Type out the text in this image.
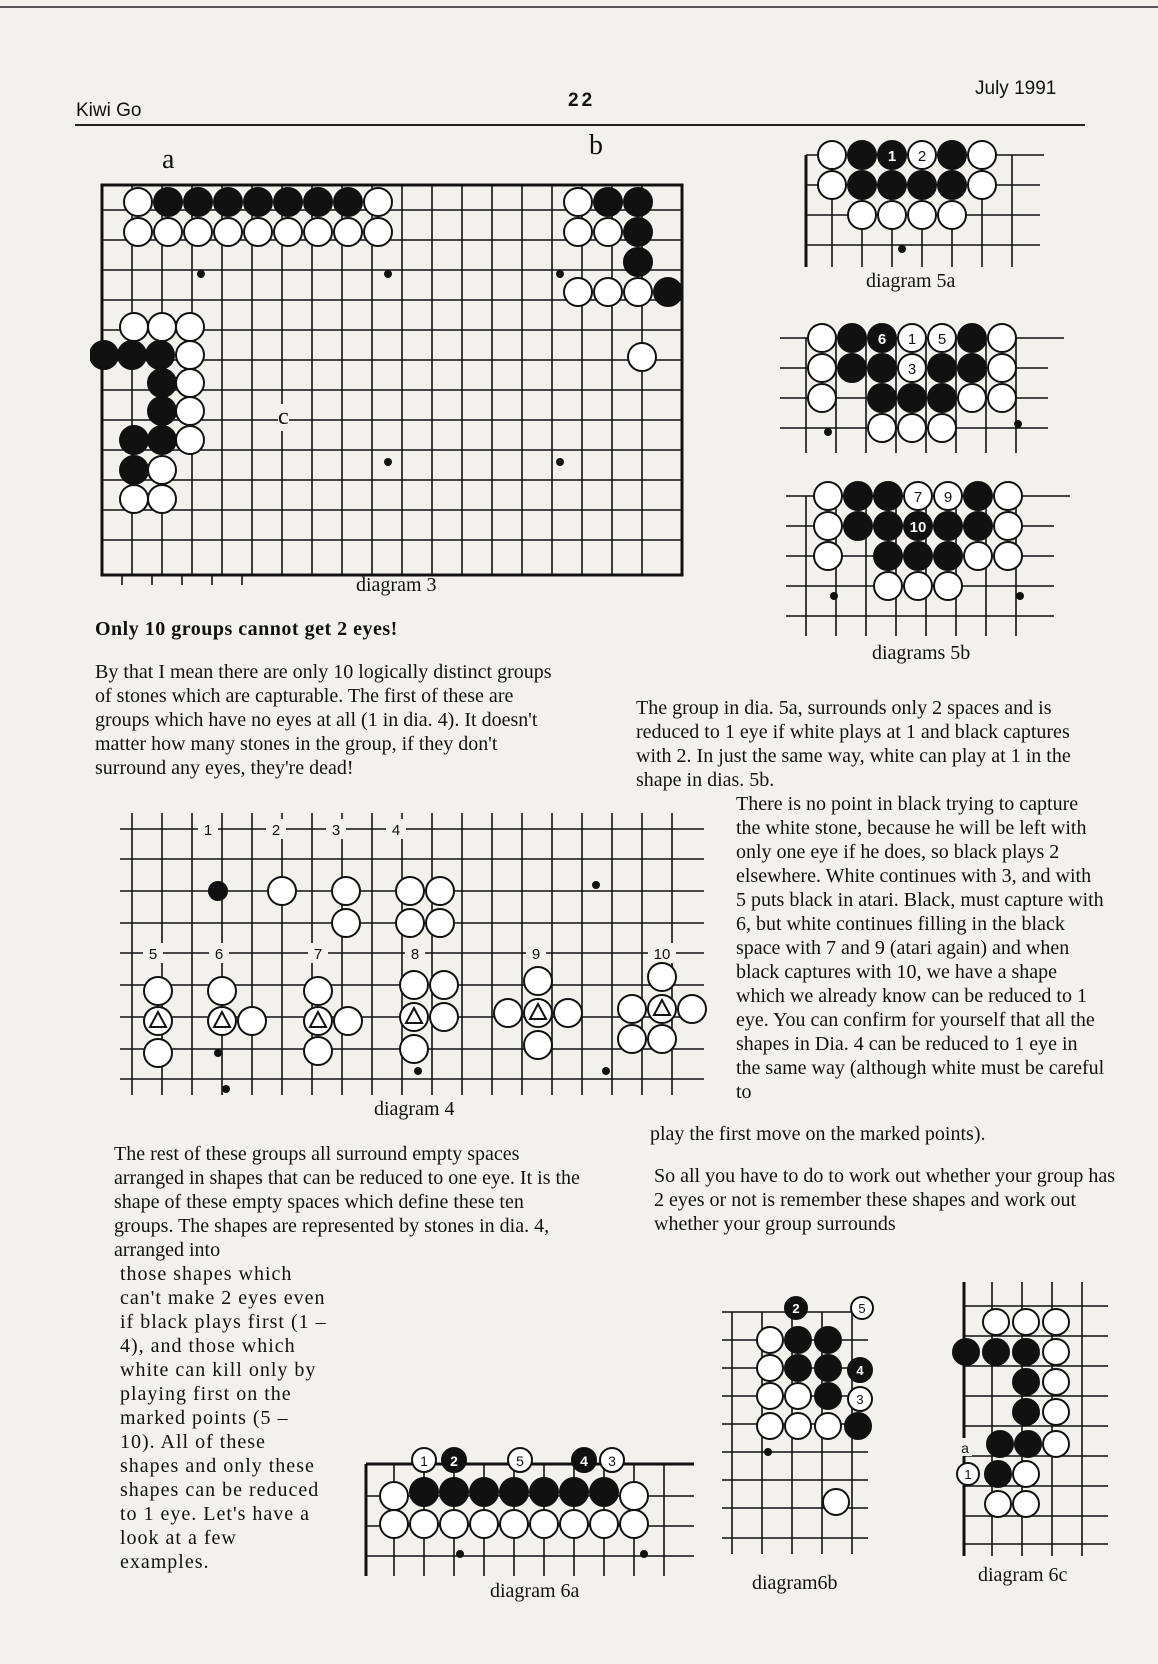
Kiwi Go	22
July 1991
a	b
c
diagram 3
1 2
diagram 5a
6 1 5
3
7 9
10
diagrams 5b
Only 10 groups cannot get 2 eyes!
By that I mean there are only 10 logically distinct groups of stones which are capturable. The first of these are groups which have no eyes at all (1 in dia. 4). It doesn't matter how many stones in the group, if they don't surround any eyes, they're dead!
The group in dia. 5a, surrounds only 2 spaces and is reduced to 1 eye if white plays at 1 and black captures with 2. In just the same way, white can play at 1 in the shape in dias. 5b.
There is no point in black trying to capture the white stone, because he will be left with only one eye if he does, so black plays 2 elsewhere. White continues with 3, and with 5 puts black in atari. Black, must capture with 6, but white continues filling in the black space with 7 and 9 (atari again) and when black captures with 10, we have a shape which we already know can be reduced to 1 eye. You can confirm for yourself that all the shapes in Dia. 4 can be reduced to 1 eye in the same way (although white must be careful to
play the first move on the marked points).
So all you have to do to work out whether your group has 2 eyes or not is remember these shapes and work out whether your group surrounds
1	2	3	4
5	6	7	8	9	10
diagram 4
The rest of these groups all surround empty spaces arranged in shapes that can be reduced to one eye. It is the shape of these empty spaces which define these ten groups. The shapes are represented by stones in dia. 4, arranged into
those shapes which can't make 2 eyes even if black plays first (1 – 4), and those which white can kill only by playing first on the marked points (5 – 10). All of these shapes and only these shapes can be reduced to 1 eye. Let's have a look at a few examples.
1 2	5	4 3
diagram 6a
2	5
4
3
diagram6b
a
1
diagram 6c
